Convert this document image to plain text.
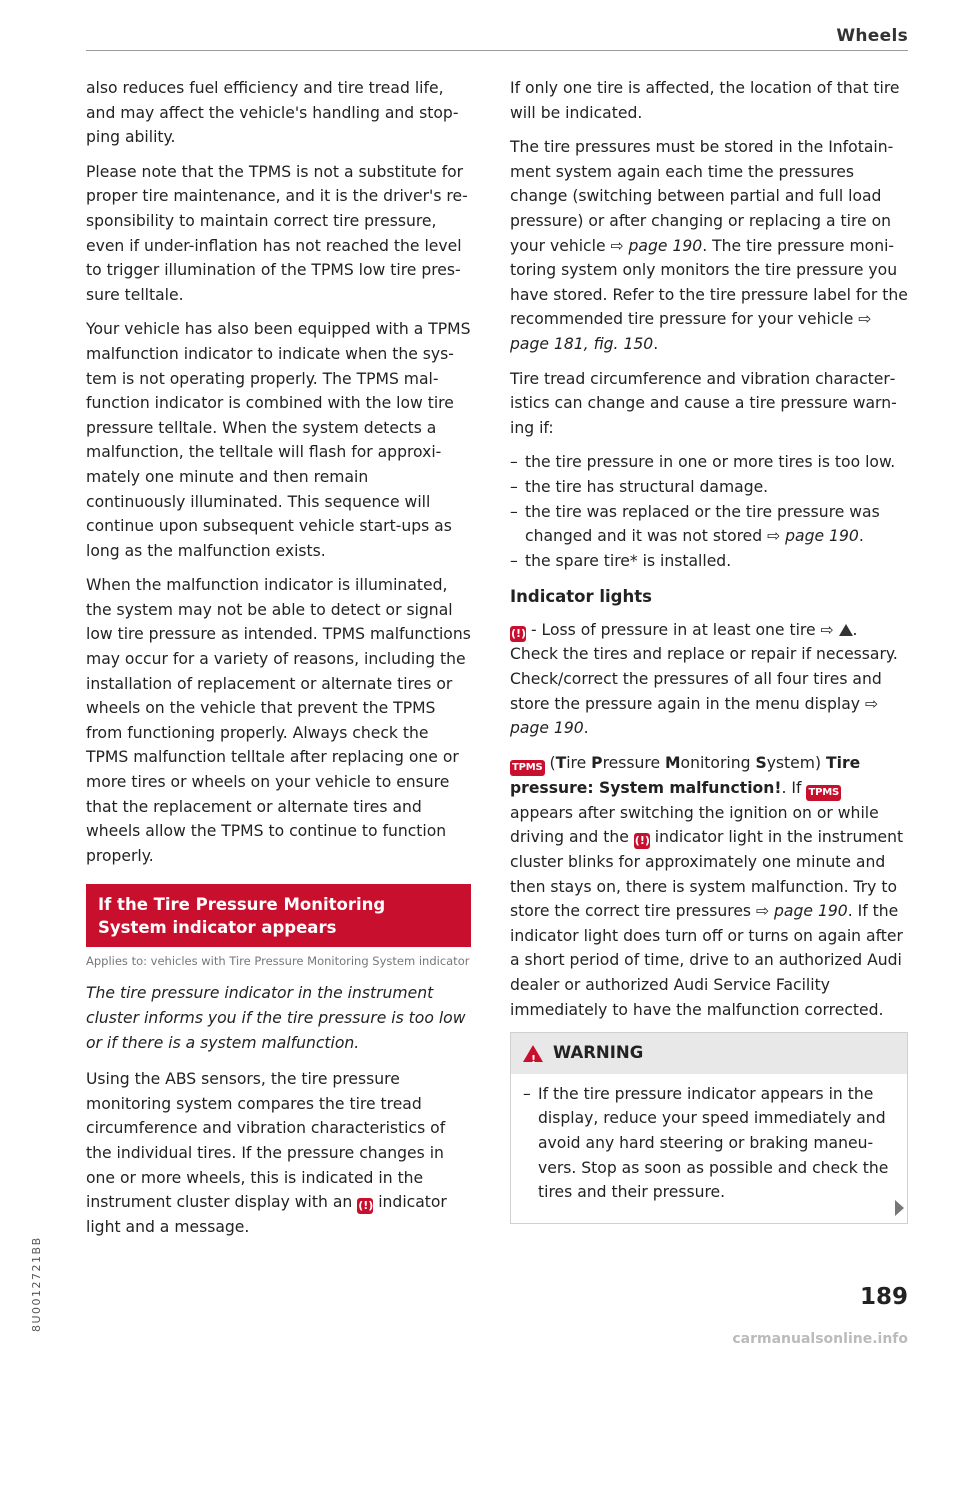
Wheels

also reduces fuel efficiency and tire tread life, and may affect the vehicle's handling and stopping ability.

Please note that the TPMS is not a substitute for proper tire maintenance, and it is the driver's responsibility to maintain correct tire pressure, even if under-inflation has not reached the level to trigger illumination of the TPMS low tire pressure telltale.

Your vehicle has also been equipped with a TPMS malfunction indicator to indicate when the system is not operating properly. The TPMS malfunction indicator is combined with the low tire pressure telltale. When the system detects a malfunction, the telltale will flash for approximately one minute and then remain continuously illuminated. This sequence will continue upon subsequent vehicle start-ups as long as the malfunction exists.

When the malfunction indicator is illuminated, the system may not be able to detect or signal low tire pressure as intended. TPMS malfunctions may occur for a variety of reasons, including the installation of replacement or alternate tires or wheels on the vehicle that prevent the TPMS from functioning properly. Always check the TPMS malfunction telltale after replacing one or more tires or wheels on your vehicle to ensure that the replacement or alternate tires and wheels allow the TPMS to continue to function properly.

If the Tire Pressure Monitoring System indicator appears
Applies to: vehicles with Tire Pressure Monitoring System indicator

The tire pressure indicator in the instrument cluster informs you if the tire pressure is too low or if there is a system malfunction.

Using the ABS sensors, the tire pressure monitoring system compares the tire tread circumference and vibration characteristics of the individual tires. If the pressure changes in one or more wheels, this is indicated in the instrument cluster display with an (!) indicator light and a message.

If only one tire is affected, the location of that tire will be indicated.

The tire pressures must be stored in the Infotainment system again each time the pressures change (switching between partial and full load pressure) or after changing or replacing a tire on your vehicle ⇨ page 190. The tire pressure monitoring system only monitors the tire pressure you have stored. Refer to the tire pressure label for the recommended tire pressure for your vehicle ⇨ page 181, fig. 150.

Tire tread circumference and vibration characteristics can change and cause a tire pressure warning if:

– the tire pressure in one or more tires is too low.
– the tire has structural damage.
– the tire was replaced or the tire pressure was changed and it was not stored ⇨ page 190.
– the spare tire* is installed.
Indicator lights

(!) - Loss of pressure in at least one tire ⇨ . Check the tires and replace or repair if necessary. Check/correct the pressures of all four tires and store the pressure again in the menu display ⇨ page 190.

TPMS (Tire Pressure Monitoring System) Tire pressure: System malfunction!. If TPMS appears after switching the ignition on or while driving and the (!) indicator light in the instrument cluster blinks for approximately one minute and then stays on, there is system malfunction. Try to store the correct tire pressures ⇨ page 190. If the indicator light does turn off or turns on again after a short period of time, drive to an authorized Audi dealer or authorized Audi Service Facility immediately to have the malfunction corrected.

!
WARNING
– If the tire pressure indicator appears in the display, reduce your speed immediately and avoid any hard steering or braking maneuvers. Stop as soon as possible and check the tires and their pressure.
8U0012721BB	189
carmanualsonline.info
